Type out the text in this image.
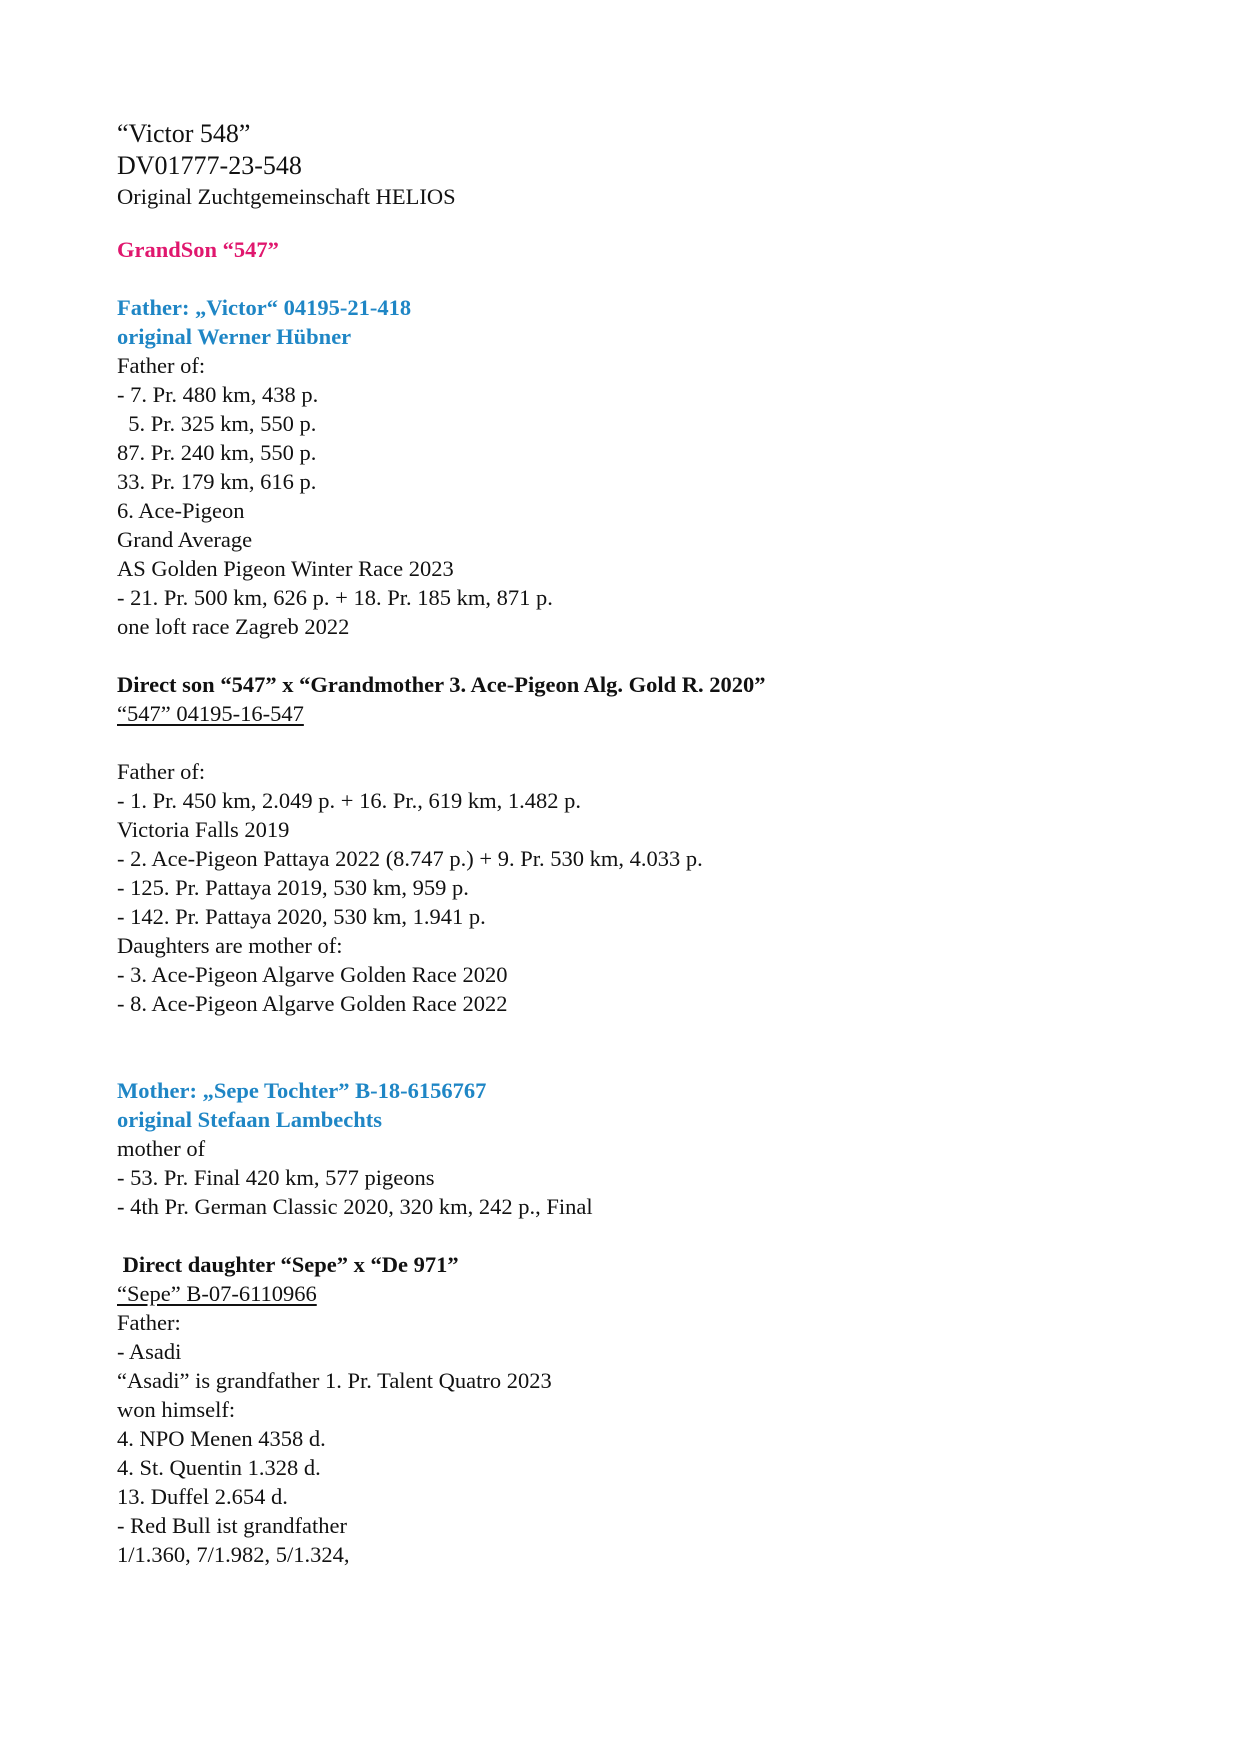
“Victor 548”
DV01777-23-548
Original Zuchtgemeinschaft HELIOS
GrandSon “547”
Father: „Victor“ 04195-21-418
original Werner Hübner
Father of:
- 7. Pr. 480 km, 438 p.
5. Pr. 325 km, 550 p.
87. Pr. 240 km, 550 p.
33. Pr. 179 km, 616 p.
6. Ace-Pigeon
Grand Average
AS Golden Pigeon Winter Race 2023
- 21. Pr. 500 km, 626 p. + 18. Pr. 185 km, 871 p.
one loft race Zagreb 2022
Direct son “547” x “Grandmother 3. Ace-Pigeon Alg. Gold R. 2020”
“547” 04195-16-547
Father of:
- 1. Pr. 450 km, 2.049 p. + 16. Pr., 619 km, 1.482 p.
Victoria Falls 2019
- 2. Ace-Pigeon Pattaya 2022 (8.747 p.) + 9. Pr. 530 km, 4.033 p.
- 125. Pr. Pattaya 2019, 530 km, 959 p.
- 142. Pr. Pattaya 2020, 530 km, 1.941 p.
Daughters are mother of:
- 3. Ace-Pigeon Algarve Golden Race 2020
- 8. Ace-Pigeon Algarve Golden Race 2022
Mother: „Sepe Tochter” B-18-6156767
original Stefaan Lambechts
mother of
- 53. Pr. Final 420 km, 577 pigeons
- 4th Pr. German Classic 2020, 320 km, 242 p., Final
Direct daughter “Sepe” x “De 971”
“Sepe” B-07-6110966
Father:
- Asadi
“Asadi” is grandfather 1. Pr. Talent Quatro 2023
won himself:
4. NPO Menen 4358 d.
4. St. Quentin 1.328 d.
13. Duffel 2.654 d.
- Red Bull ist grandfather
1/1.360, 7/1.982, 5/1.324,
